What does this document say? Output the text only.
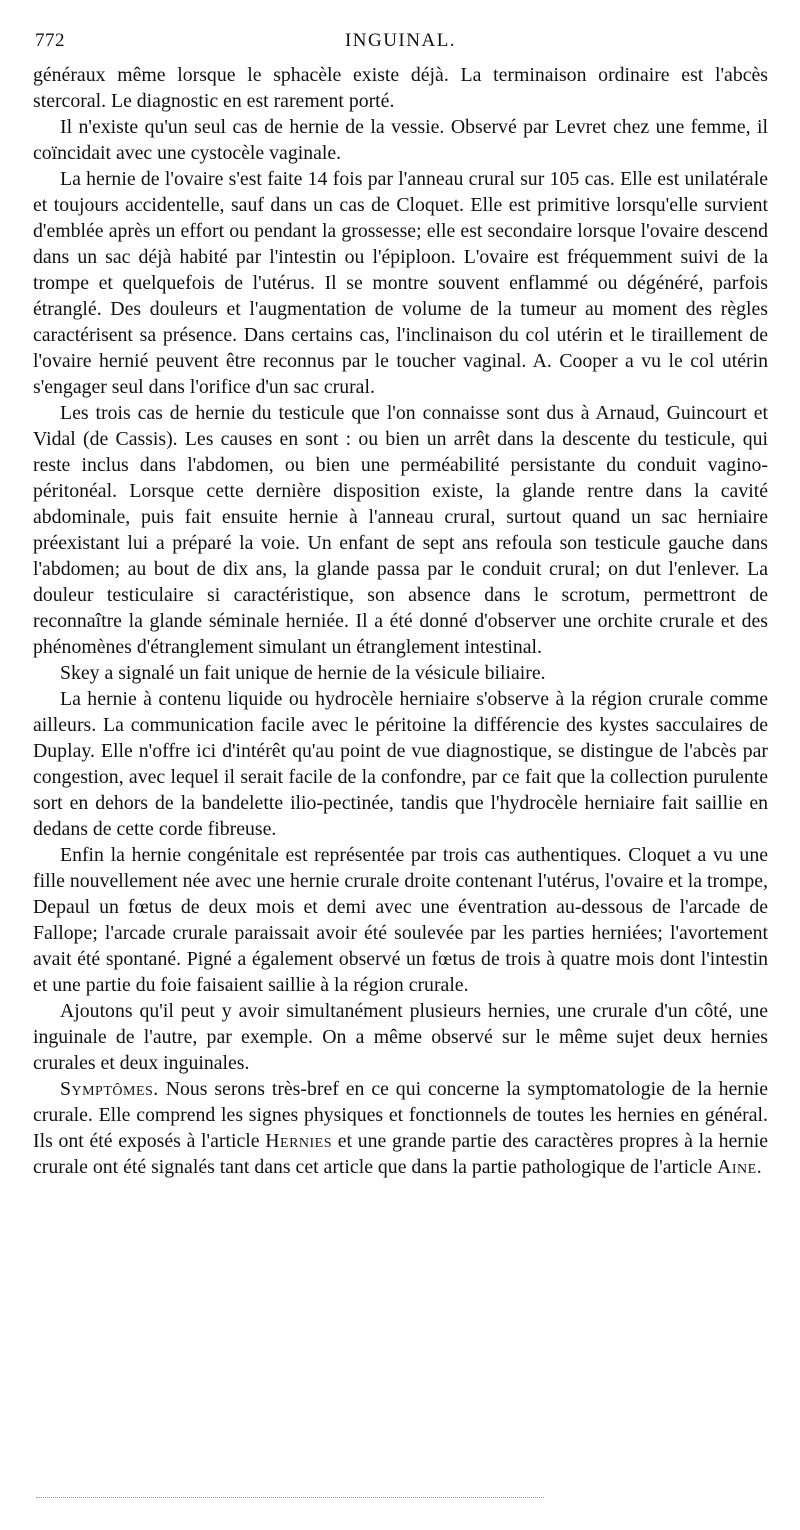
772	INGUINAL.

généraux même lorsque le sphacèle existe déjà. La terminaison ordinaire est l'abcès stercoral. Le diagnostic en est rarement porté.

Il n'existe qu'un seul cas de hernie de la vessie. Observé par Levret chez une femme, il coïncidait avec une cystocèle vaginale.

La hernie de l'ovaire s'est faite 14 fois par l'anneau crural sur 105 cas. Elle est unilatérale et toujours accidentelle, sauf dans un cas de Cloquet. Elle est primitive lorsqu'elle survient d'emblée après un effort ou pendant la grossesse; elle est secondaire lorsque l'ovaire descend dans un sac déjà habité par l'intestin ou l'épiploon. L'ovaire est fréquemment suivi de la trompe et quelquefois de l'utérus. Il se montre souvent enflammé ou dégénéré, parfois étranglé. Des douleurs et l'augmentation de volume de la tumeur au moment des règles caractérisent sa présence. Dans certains cas, l'inclinaison du col utérin et le tiraillement de l'ovaire hernié peuvent être reconnus par le toucher vaginal. A. Cooper a vu le col utérin s'engager seul dans l'orifice d'un sac crural.

Les trois cas de hernie du testicule que l'on connaisse sont dus à Arnaud, Guincourt et Vidal (de Cassis). Les causes en sont : ou bien un arrêt dans la descente du testicule, qui reste inclus dans l'abdomen, ou bien une perméabilité persistante du conduit vagino-péritonéal. Lorsque cette dernière disposition existe, la glande rentre dans la cavité abdominale, puis fait ensuite hernie à l'anneau crural, surtout quand un sac herniaire préexistant lui a préparé la voie. Un enfant de sept ans refoula son testicule gauche dans l'abdomen; au bout de dix ans, la glande passa par le conduit crural; on dut l'enlever. La douleur testiculaire si caractéristique, son absence dans le scrotum, permettront de reconnaître la glande séminale herniée. Il a été donné d'observer une orchite crurale et des phénomènes d'étranglement simulant un étranglement intestinal.

Skey a signalé un fait unique de hernie de la vésicule biliaire.

La hernie à contenu liquide ou hydrocèle herniaire s'observe à la région crurale comme ailleurs. La communication facile avec le péritoine la différencie des kystes sacculaires de Duplay. Elle n'offre ici d'intérêt qu'au point de vue diagnostique, se distingue de l'abcès par congestion, avec lequel il serait facile de la confondre, par ce fait que la collection purulente sort en dehors de la bandelette ilio-pectinée, tandis que l'hydrocèle herniaire fait saillie en dedans de cette corde fibreuse.

Enfin la hernie congénitale est représentée par trois cas authentiques. Cloquet a vu une fille nouvellement née avec une hernie crurale droite contenant l'utérus, l'ovaire et la trompe, Depaul un fœtus de deux mois et demi avec une éventration au-dessous de l'arcade de Fallope; l'arcade crurale paraissait avoir été soulevée par les parties herniées; l'avortement avait été spontané. Pigné a également observé un fœtus de trois à quatre mois dont l'intestin et une partie du foie faisaient saillie à la région crurale.

Ajoutons qu'il peut y avoir simultanément plusieurs hernies, une crurale d'un côté, une inguinale de l'autre, par exemple. On a même observé sur le même sujet deux hernies crurales et deux inguinales.

Symptômes. Nous serons très-bref en ce qui concerne la symptomatologie de la hernie crurale. Elle comprend les signes physiques et fonctionnels de toutes les hernies en général. Ils ont été exposés à l'article Hernies et une grande partie des caractères propres à la hernie crurale ont été signalés tant dans cet article que dans la partie pathologique de l'article Aine.
